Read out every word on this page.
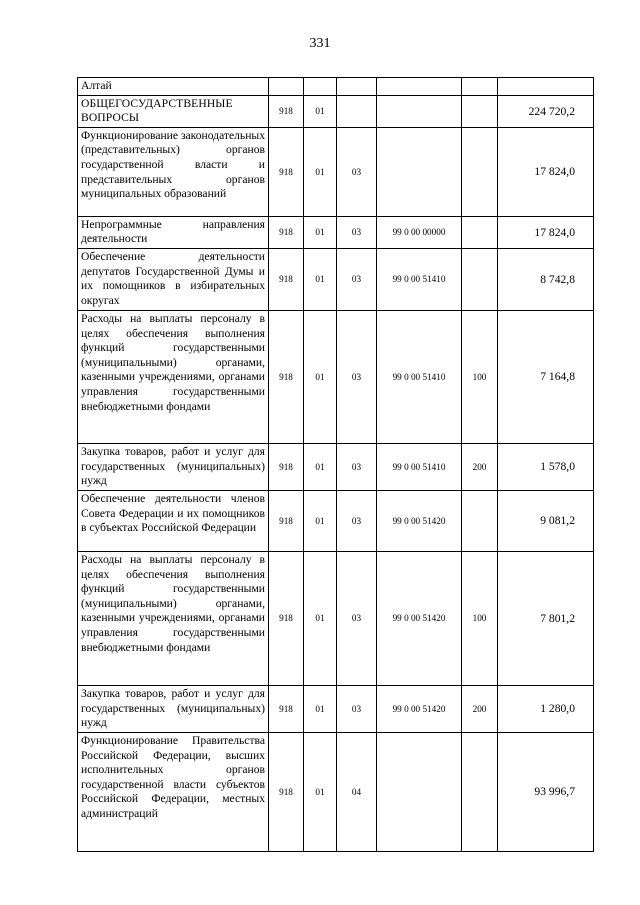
331
Алтай						
ОБЩЕГОСУДАРСТВЕННЫЕ ВОПРОСЫ	918	01				224 720,2
Функционирование законодательных (представительных) органов государственной власти и представительных органов муниципальных образований	918	01	03			17 824,0
Непрограммные направления деятельности	918	01	03	99 0 00 00000		17 824,0
Обеспечение деятельности депутатов Государственной Думы и их помощников в избирательных округах	918	01	03	99 0 00 51410		8 742,8
Расходы на выплаты персоналу в целях обеспечения выполнения функций государственными (муниципальными) органами, казенными учреждениями, органами управления государственными внебюджетными фондами	918	01	03	99 0 00 51410	100	7 164,8
Закупка товаров, работ и услуг для государственных (муниципальных) нужд	918	01	03	99 0 00 51410	200	1 578,0
Обеспечение деятельности членов Совета Федерации и их помощников в субъектах Российской Федерации	918	01	03	99 0 00 51420		9 081,2
Расходы на выплаты персоналу в целях обеспечения выполнения функций государственными (муниципальными) органами, казенными учреждениями, органами управления государственными внебюджетными фондами	918	01	03	99 0 00 51420	100	7 801,2
Закупка товаров, работ и услуг для государственных (муниципальных) нужд	918	01	03	99 0 00 51420	200	1 280,0
Функционирование Правительства Российской Федерации, высших исполнительных органов государственной власти субъектов Российской Федерации, местных администраций	918	01	04			93 996,7
